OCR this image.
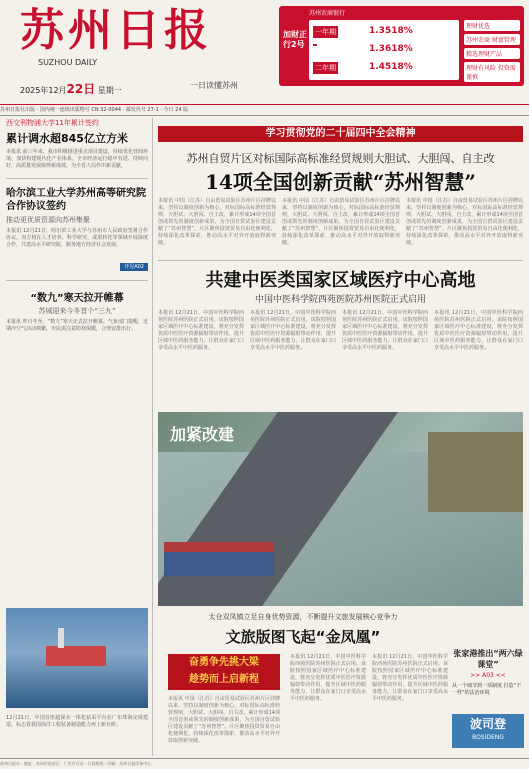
苏州日报
SUZHOU DAILY
2025年12月22日 星期一
一日读懂苏州
苏州农商银行
加财正行2号
一年期	1.3518%
1.3618%
二年期	1.4518%
理财优选
苏州农商 财富管理
精选理财产品
理财有风险 投资需谨慎
苏州日报社出版 · 国内统一连续出版物号 CN 32-0044 · 邮发代号 27-1 · 今日 24 版
西交利物浦大学11年累计签约
累计调水超845亿立方米
本报讯 前三年来，我市积极推进重点项目建设，持续优化营商环境，加快构建现代化产业体系，全市经济运行稳中有进、持续向好，高质量发展取得新成效，为全省大局作出新贡献。
哈尔滨工业大学苏州高等研究院合作协议签约
推动更优质资源向苏州集聚
本报讯 12月21日，哈尔滨工业大学与苏州市人民政府签署合作协议，双方将在人才培养、科学研究、成果转化等领域开展深度合作，共建高水平研究院，服务地方经济社会发展。
详见A02
“数九”寒天拉开帷幕
苏城迎来今冬首个“三九”
本报讯 昨日冬至，“数九”寒天正式拉开帷幕。气象部门提醒，近期冷空气活动频繁，市民需注意防寒保暖，合理安排出行。
12月21日，中国首座超深水一体化钻采平台在广东珠海完成建造，标志着我国海洋工程装备制造能力再上新台阶。
学习贯彻党的二十届四中全会精神
苏州自贸片区对标国际高标准经贸规则大胆试、大胆闯、自主改
14项全国创新贡献“苏州智慧”
本报讯 中国（江苏）自由贸易试验区苏州片区挂牌以来，坚持以制度创新为核心，对标国际高标准经贸规则，大胆试、大胆闯、自主改，累计形成14项全国首创或领先的制度创新成果，为全国自贸试验区建设贡献了“苏州智慧”。片区聚焦投资贸易自由化便利化，持续深化改革探索，推动高水平对外开放取得新突破。
本报讯 中国（江苏）自由贸易试验区苏州片区挂牌以来，坚持以制度创新为核心，对标国际高标准经贸规则，大胆试、大胆闯、自主改，累计形成14项全国首创或领先的制度创新成果，为全国自贸试验区建设贡献了“苏州智慧”。片区聚焦投资贸易自由化便利化，持续深化改革探索，推动高水平对外开放取得新突破。
本报讯 中国（江苏）自由贸易试验区苏州片区挂牌以来，坚持以制度创新为核心，对标国际高标准经贸规则，大胆试、大胆闯、自主改，累计形成14项全国首创或领先的制度创新成果，为全国自贸试验区建设贡献了“苏州智慧”。片区聚焦投资贸易自由化便利化，持续深化改革探索，推动高水平对外开放取得新突破。
共建中医类国家区域医疗中心高地
中国中医科学院西苑医院苏州医院正式启用
本报讯 12月21日，中国中医科学院西苑医院苏州医院正式启用。该院按照国家区域医疗中心标准建设，将充分发挥优质中医医疗资源辐射带动作用，提升区域中医药服务能力，让群众在家门口享受高水平中医药服务。
本报讯 12月21日，中国中医科学院西苑医院苏州医院正式启用。该院按照国家区域医疗中心标准建设，将充分发挥优质中医医疗资源辐射带动作用，提升区域中医药服务能力，让群众在家门口享受高水平中医药服务。
本报讯 12月21日，中国中医科学院西苑医院苏州医院正式启用。该院按照国家区域医疗中心标准建设，将充分发挥优质中医医疗资源辐射带动作用，提升区域中医药服务能力，让群众在家门口享受高水平中医药服务。
本报讯 12月21日，中国中医科学院西苑医院苏州医院正式启用。该院按照国家区域医疗中心标准建设，将充分发挥优质中医医疗资源辐射带动作用，提升区域中医药服务能力，让群众在家门口享受高水平中医药服务。
加紧改建
太仓双凤镇立足自身优势资源，不断提升文旅发展核心竞争力
文旅版图飞起“金凤凰”
奋勇争先挑大梁
趁势而上启新程
本报讯 12月21日，中国中医科学院西苑医院苏州医院正式启用。该院按照国家区域医疗中心标准建设，将充分发挥优质中医医疗资源辐射带动作用，提升区域中医药服务能力，让群众在家门口享受高水平中医药服务。
本报讯 12月21日，中国中医科学院西苑医院苏州医院正式启用。该院按照国家区域医疗中心标准建设，将充分发挥优质中医医疗资源辐射带动作用，提升区域中医药服务能力，让群众在家门口享受高水平中医药服务。
本报讯 中国（江苏）自由贸易试验区苏州片区挂牌以来，坚持以制度创新为核心，对标国际高标准经贸规则，大胆试、大胆闯、自主改，累计形成14项全国首创或领先的制度创新成果，为全国自贸试验区建设贡献了“苏州智慧”。片区聚焦投资贸易自由化便利化，持续深化改革探索，推动高水平对外开放取得新突破。
张家港推出“两六绿课堂”
>> A03 <<
从一个细节到一项制度 打造“不一样”的法治环境
波司登
BOSIDENG
苏州日报社 · 地址：苏州市姑苏区 · 广告许可证 · 订阅热线 · 印刷：苏州日报印务中心
